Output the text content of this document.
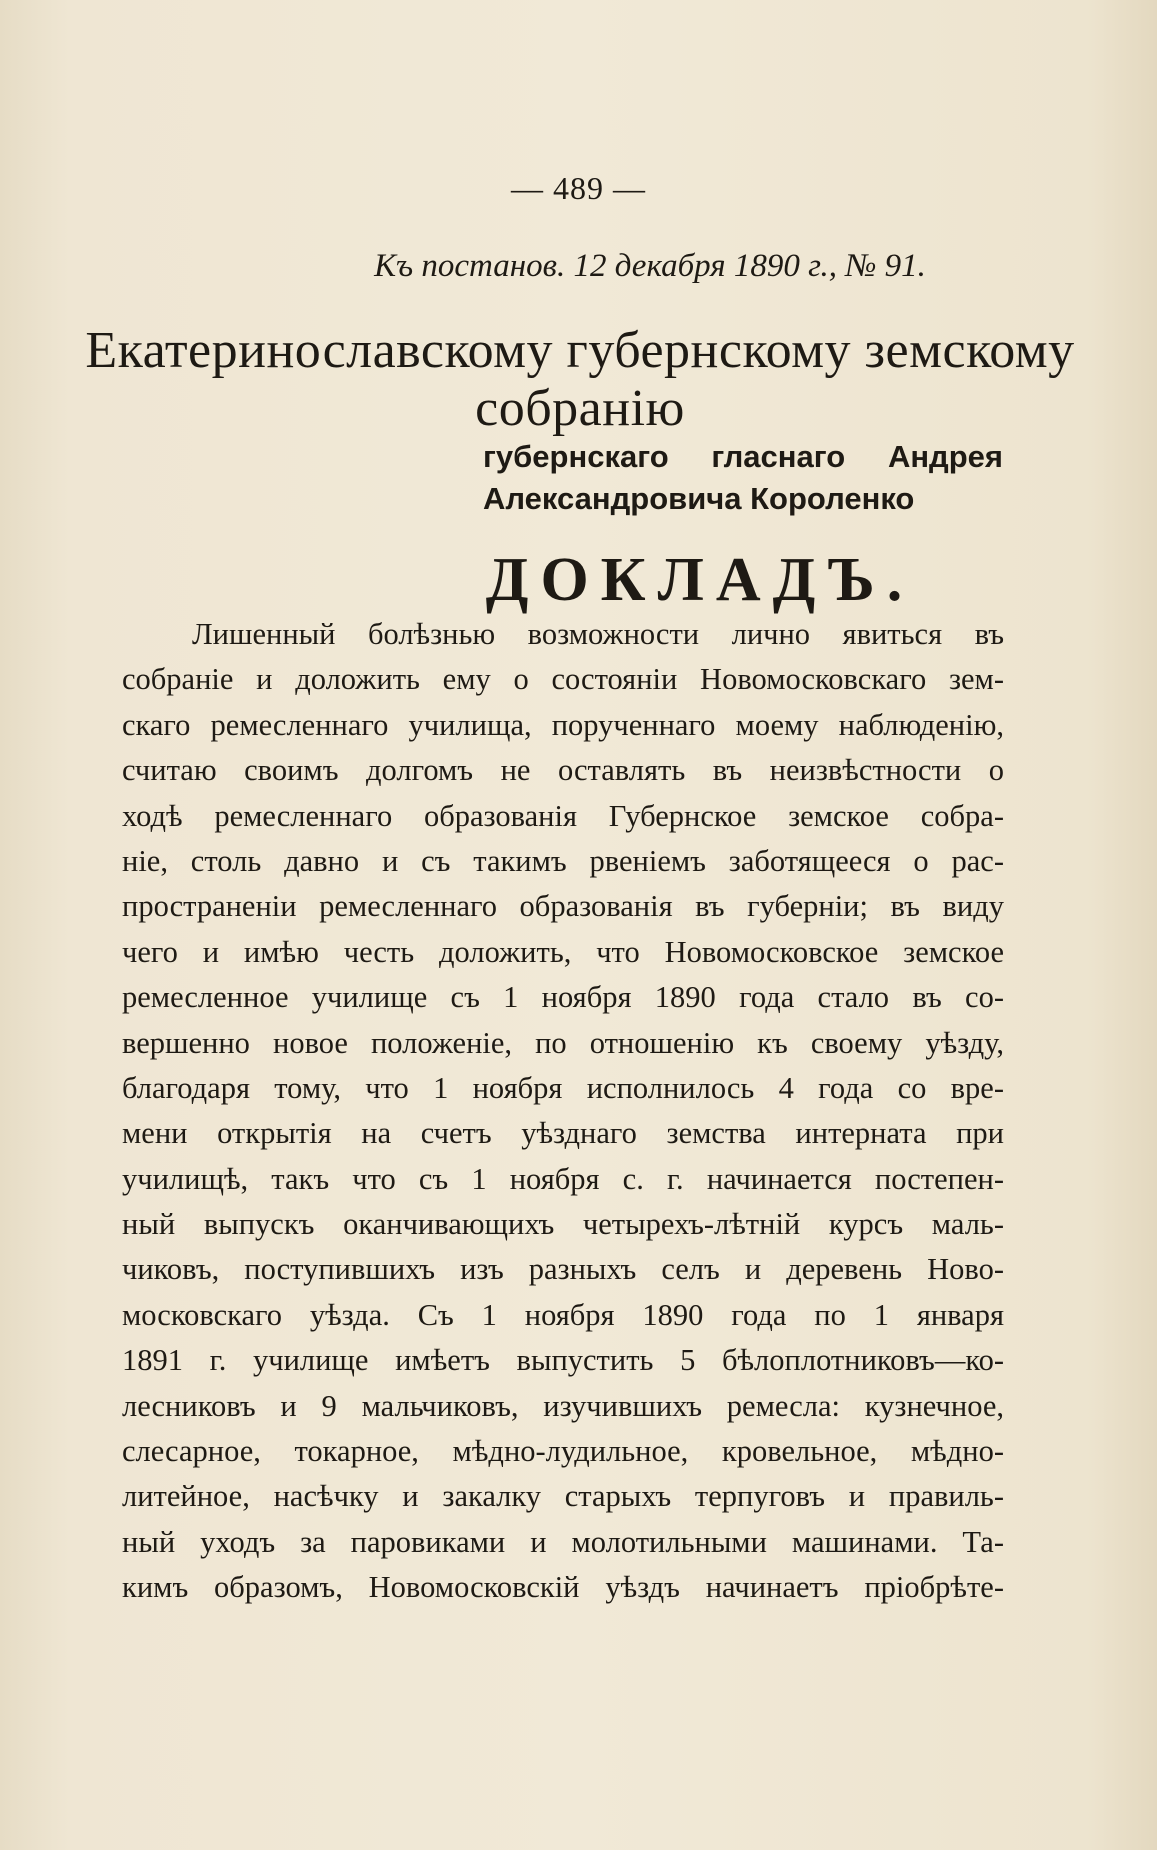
— 489 —
Къ постанов. 12 декабря 1890 г., № 91.
Екатеринославскому губернскому земскому собранію
губернскаго гласнаго Андрея Александровича Короленко
ДОКЛАДЪ.
Лишенный болѣзнью возможности лично явиться въ
собраніе и доложить ему о состояніи Новомосковскаго зем-
скаго ремесленнаго училища, порученнаго моему наблюденію,
считаю своимъ долгомъ не оставлять въ неизвѣстности о
ходѣ ремесленнаго образованія Губернское земское собра-
ніе, столь давно и съ такимъ рвеніемъ заботящееся о рас-
пространеніи ремесленнаго образованія въ губерніи; въ виду
чего и имѣю честь доложить, что Новомосковское земское
ремесленное училище съ 1 ноября 1890 года стало въ со-
вершенно новое положеніе, по отношенію къ своему уѣзду,
благодаря тому, что 1 ноября исполнилось 4 года со вре-
мени открытія на счетъ уѣзднаго земства интерната при
училищѣ, такъ что съ 1 ноября с. г. начинается постепен-
ный выпускъ оканчивающихъ четырехъ-лѣтній курсъ маль-
чиковъ, поступившихъ изъ разныхъ селъ и деревень Ново-
московскаго уѣзда. Съ 1 ноября 1890 года по 1 января
1891 г. училище имѣетъ выпустить 5 бѣлоплотниковъ—ко-
лесниковъ и 9 мальчиковъ, изучившихъ ремесла: кузнечное,
слесарное, токарное, мѣдно-лудильное, кровельное, мѣдно-
литейное, насѣчку и закалку старыхъ терпуговъ и правиль-
ный уходъ за паровиками и молотильными машинами. Та-
кимъ образомъ, Новомосковскій уѣздъ начинаетъ пріобрѣте-
